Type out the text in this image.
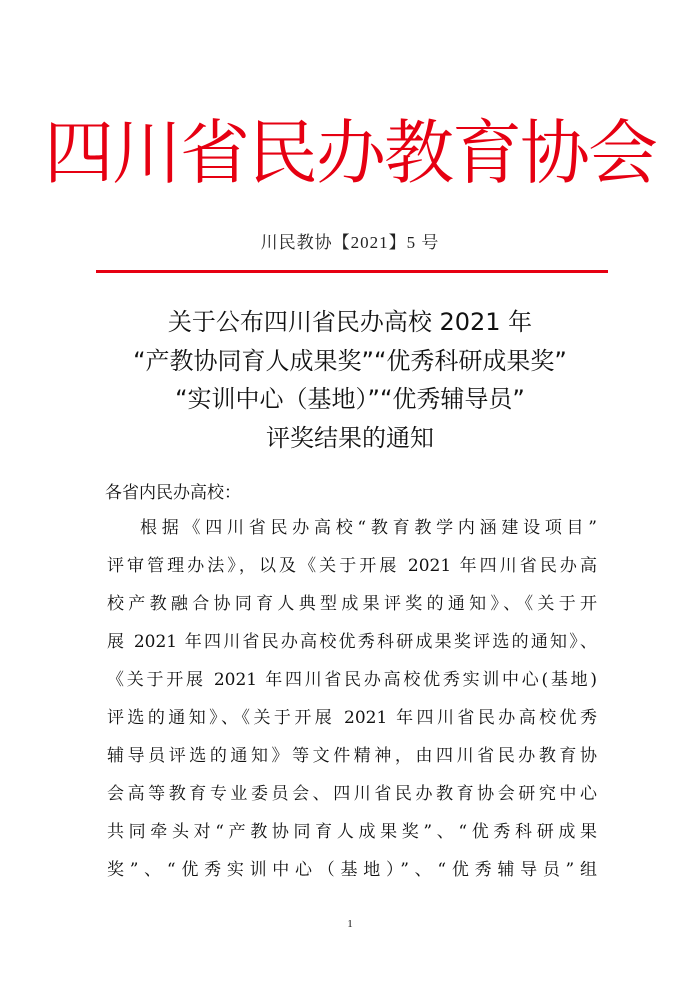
四川省民办教育协会
川民教协【2021】5 号
关于公布四川省民办高校 2021 年
“产教协同育人成果奖”“优秀科研成果奖”
“实训中心（基地）”“优秀辅导员”
评奖结果的通知
各省内民办高校：
根据《四川省民办高校“教育教学内涵建设项目”
评审管理办法》，以及《关于开展 2021 年四川省民办高
校产教融合协同育人典型成果评奖的通知》、《关于开
展 2021 年四川省民办高校优秀科研成果奖评选的通知》、
《关于开展 2021 年四川省民办高校优秀实训中心(基地)
评选的通知》、《关于开展 2021 年四川省民办高校优秀
辅导员评选的通知》等文件精神，由四川省民办教育协
会高等教育专业委员会、四川省民办教育协会研究中心
共同牵头对“产教协同育人成果奖”、“优秀科研成果
奖”、“优秀实训中心（基地）”、“优秀辅导员”组
1
